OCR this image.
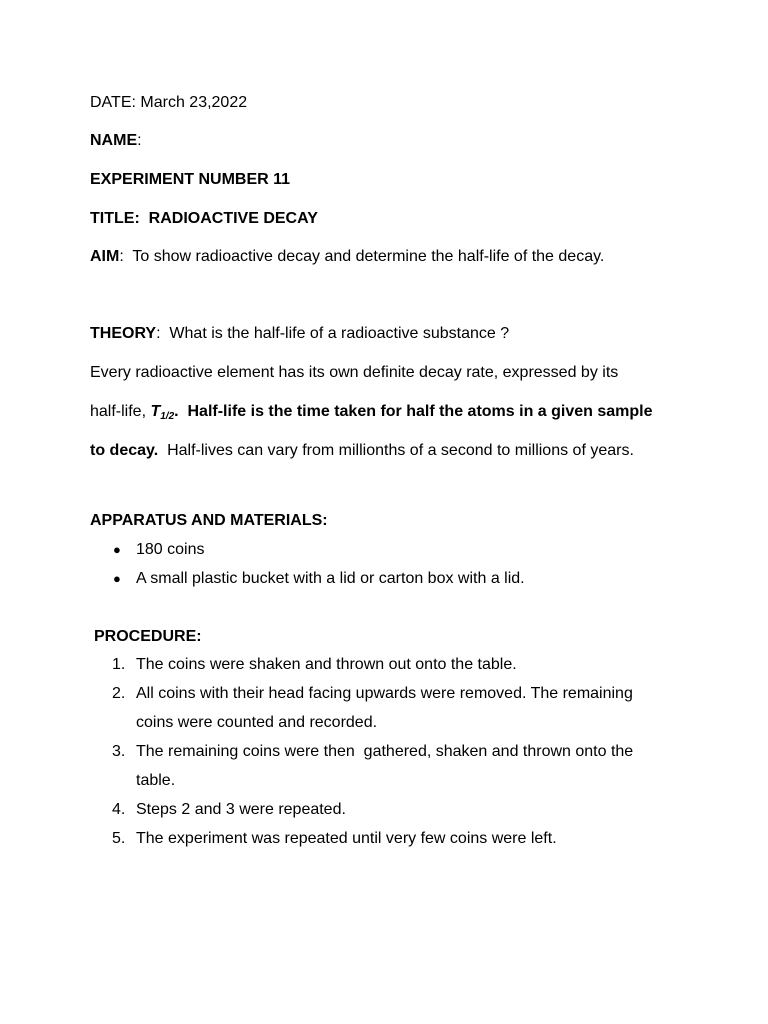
DATE: March 23,2022
NAME:
EXPERIMENT NUMBER 11
TITLE:  RADIOACTIVE DECAY
AIM:  To show radioactive decay and determine the half-life of the decay.
THEORY:  What is the half-life of a radioactive substance ?
Every radioactive element has its own definite decay rate, expressed by its
half-life, $T_{1/2}$.  Half-life is the time taken for half the atoms in a given sample
to decay.  Half-lives can vary from millionths of a second to millions of years.
APPARATUS AND MATERIALS:
● 180 coins
● A small plastic bucket with a lid or carton box with a lid.
PROCEDURE:
1. The coins were shaken and thrown out onto the table.
2. All coins with their head facing upwards were removed. The remaining
coins were counted and recorded.
3. The remaining coins were then  gathered, shaken and thrown onto the
table.
4. Steps 2 and 3 were repeated.
5. The experiment was repeated until very few coins were left.
